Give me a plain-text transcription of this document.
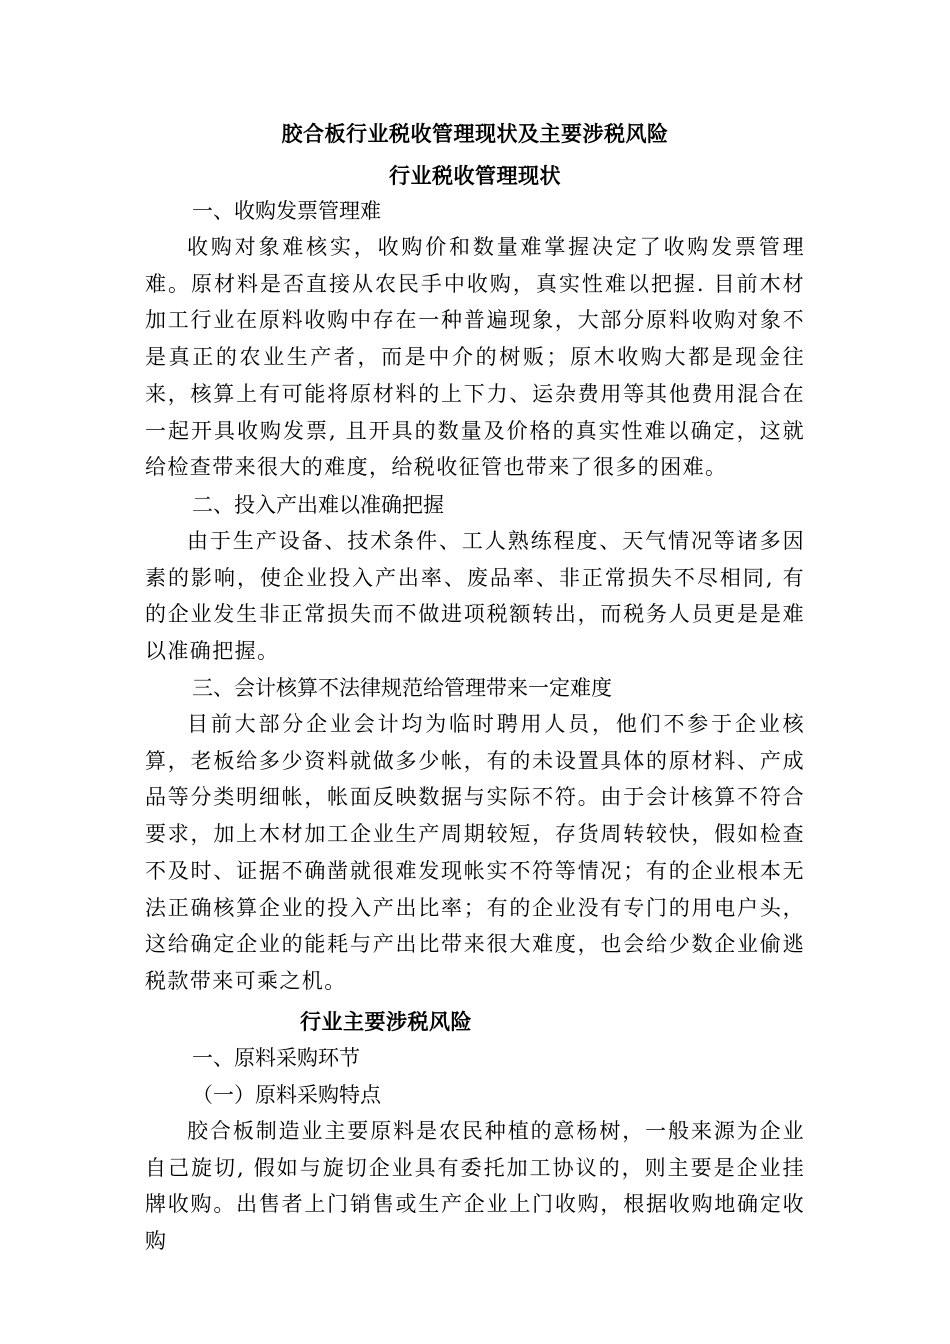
胶合板行业税收管理现状及主要涉税风险
行业税收管理现状
一、收购发票管理难
收购对象难核实，收购价和数量难掌握决定了收购发票管理难。原材料是否直接从农民手中收购，真实性难以把握. 目前木材加工行业在原料收购中存在一种普遍现象，大部分原料收购对象不是真正的农业生产者，而是中介的树贩；原木收购大都是现金往来，核算上有可能将原材料的上下力、运杂费用等其他费用混合在一起开具收购发票, 且开具的数量及价格的真实性难以确定，这就给检查带来很大的难度，给税收征管也带来了很多的困难。
二、投入产出难以准确把握
由于生产设备、技术条件、工人熟练程度、天气情况等诸多因素的影响，使企业投入产出率、废品率、非正常损失不尽相同, 有的企业发生非正常损失而不做进项税额转出，而税务人员更是是难以准确把握。
三、会计核算不法律规范给管理带来一定难度
目前大部分企业会计均为临时聘用人员，他们不参于企业核算，老板给多少资料就做多少帐，有的未设置具体的原材料、产成品等分类明细帐，帐面反映数据与实际不符。由于会计核算不符合要求，加上木材加工企业生产周期较短，存货周转较快，假如检查不及时、证据不确凿就很难发现帐实不符等情况；有的企业根本无法正确核算企业的投入产出比率；有的企业没有专门的用电户头，这给确定企业的能耗与产出比带来很大难度，也会给少数企业偷逃税款带来可乘之机。
行业主要涉税风险
一、原料采购环节
（一）原料采购特点
胶合板制造业主要原料是农民种植的意杨树，一般来源为企业自己旋切, 假如与旋切企业具有委托加工协议的，则主要是企业挂牌收购。出售者上门销售或生产企业上门收购，根据收购地确定收购
